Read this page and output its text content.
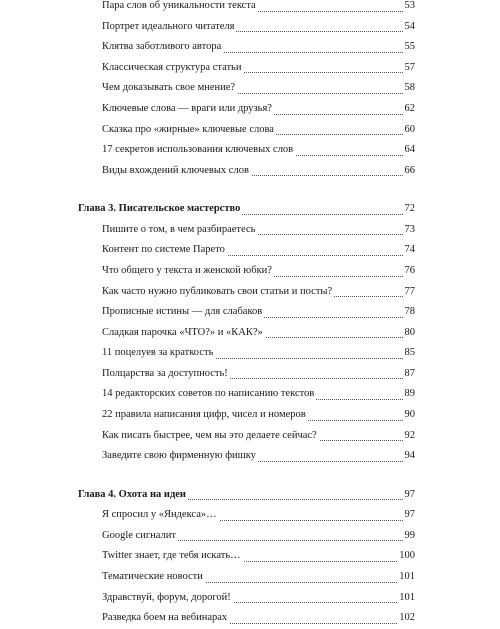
Пара слов об уникальности текста	53
Портрет идеального читателя	54
Клятва заботливого автора	55
Классическая структура статьи	57
Чем доказывать свое мнение?	58
Ключевые слова — враги или друзья?	62
Сказка про «жирные» ключевые слова	60
17 секретов использования ключевых слов	64
Виды вхождений ключевых слов	66
Глава 3. Писательское мастерство	72
Пишите о том, в чем разбираетесь	73
Контент по системе Парето	74
Что общего у текста и женской юбки?	76
Как часто нужно публиковать свои статьи и посты?	77
Прописные истины — для слабаков	78
Сладкая парочка «ЧТО?» и «КАК?»	80
11 поцелуев за краткость	85
Полцарства за доступность!	87
14 редакторских советов по написанию текстов	89
22 правила написания цифр, чисел и номеров	90
Как писать быстрее, чем вы это делаете сейчас?	92
Заведите свою фирменную фишку	94
Глава 4. Охота на идеи	97
Я спросил у «Яндекса»…	97
Google сигналит	99
Twitter знает, где тебя искать…	100
Тематические новости	101
Здравствуй, форум, дорогой!	101
Разведка боем на вебинарах	102
